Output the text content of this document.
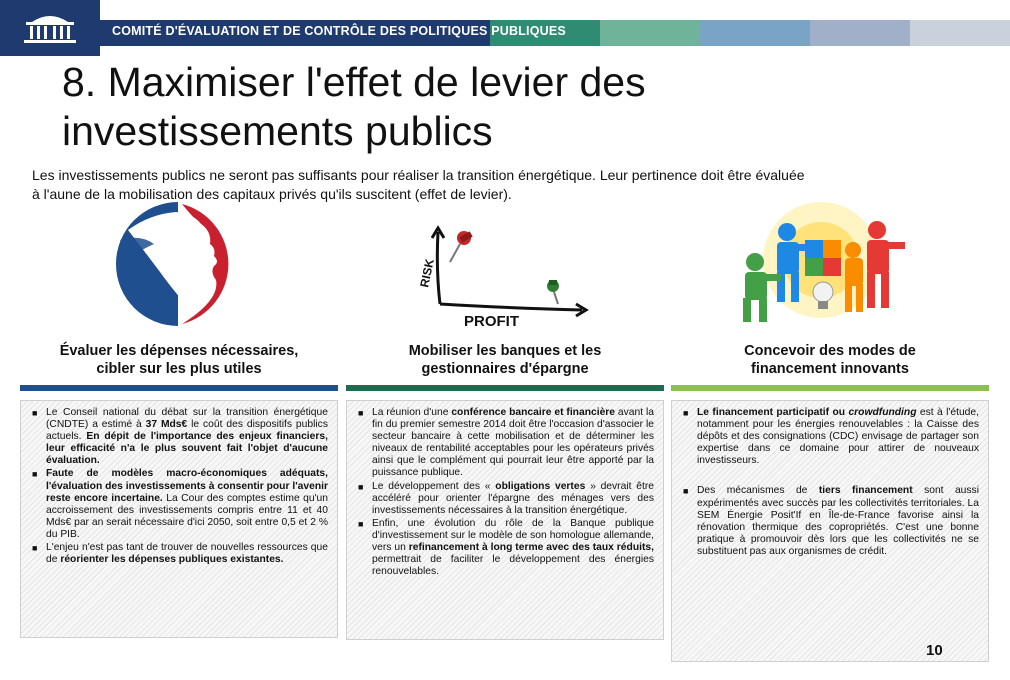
COMITÉ D'ÉVALUATION ET DE CONTRÔLE DES POLITIQUES PUBLIQUES
8. Maximiser l'effet de levier des
investissements publics
Les investissements publics ne seront pas suffisants pour réaliser la transition énergétique. Leur pertinence doit être évaluée
à l'aune de la mobilisation des capitaux privés qu'ils suscitent (effet de levier).
Évaluer les dépenses nécessaires,
cibler sur les plus utiles
■ Le Conseil national du débat sur la transition énergétique (CNDTE) a estimé à 37 Mds€ le coût des dispositifs publics actuels. En dépit de l'importance des enjeux financiers, leur efficacité n'a le plus souvent fait l'objet d'aucune évaluation.
■ Faute de modèles macro-économiques adéquats, l'évaluation des investissements à consentir pour l'avenir reste encore incertaine. La Cour des comptes estime qu'un accroissement des investissements compris entre 11 et 40 Mds€ par an serait nécessaire d'ici 2050, soit entre 0,5 et 2 % du PIB.
■ L'enjeu n'est pas tant de trouver de nouvelles ressources que de réorienter les dépenses publiques existantes.
RISK
PROFIT
Mobiliser les banques et les
gestionnaires d'épargne
■ La réunion d'une conférence bancaire et financière avant la fin du premier semestre 2014 doit être l'occasion d'associer le secteur bancaire à cette mobilisation et de déterminer les niveaux de rentabilité acceptables pour les opérateurs privés ainsi que le complément qui pourrait leur être apporté par la puissance publique.
■ Le développement des « obligations vertes » devrait être accéléré pour orienter l'épargne des ménages vers des investissements nécessaires à la transition énergétique.
■ Enfin, une évolution du rôle de la Banque publique d'investissement sur le modèle de son homologue allemande, vers un refinancement à long terme avec des taux réduits, permettrait de faciliter le développement des énergies renouvelables.
Concevoir des modes de
financement innovants
■ Le financement participatif ou crowdfunding est à l'étude, notamment pour les énergies renouvelables : la Caisse des dépôts et des consignations (CDC) envisage de partager son expertise dans ce domaine pour attirer de nouveaux investisseurs.
■ Des mécanismes de tiers financement sont aussi expérimentés avec succès par les collectivités territoriales. La SEM Énergie Posit'If en Île-de-France favorise ainsi la rénovation thermique des copropriétés. C'est une bonne pratique à promouvoir dès lors que les collectivités ne se substituent pas aux organismes de crédit.
10
